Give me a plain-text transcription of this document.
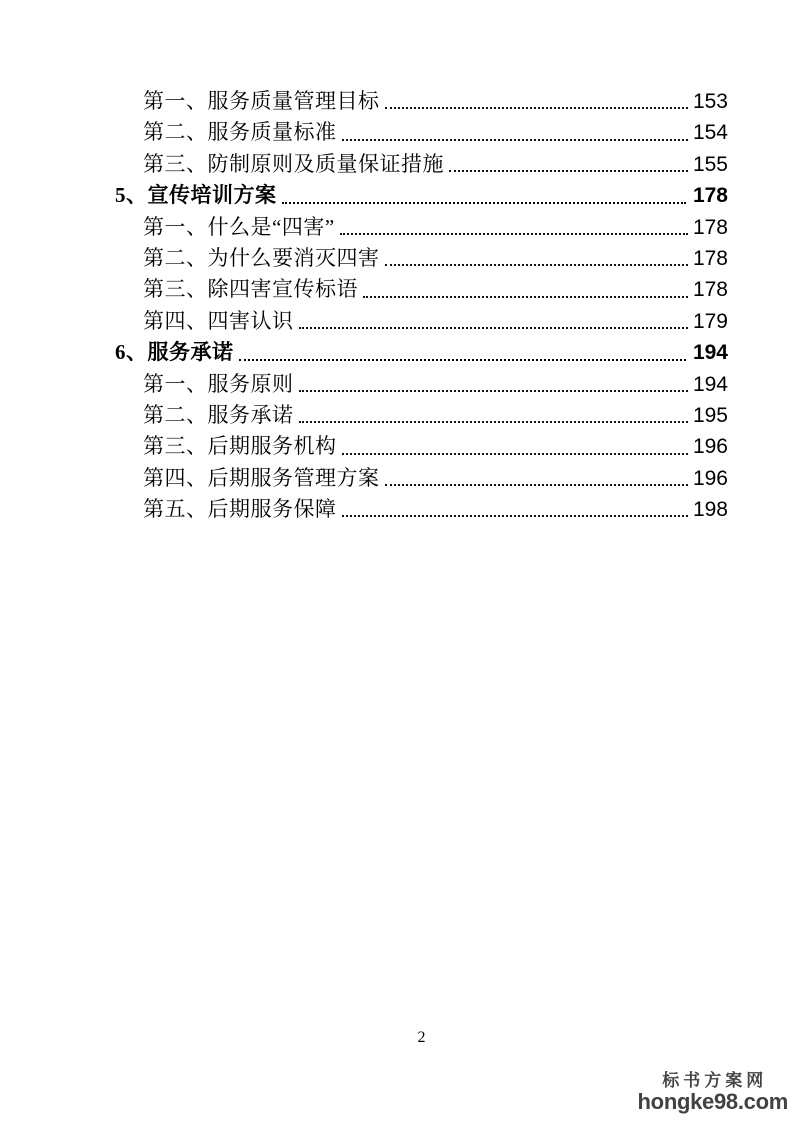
第一、服务质量管理目标	153
第二、服务质量标准	154
第三、防制原则及质量保证措施	155
5、宣传培训方案	178
第一、什么是“四害”	178
第二、为什么要消灭四害	178
第三、除四害宣传标语	178
第四、四害认识	179
6、服务承诺	194
第一、服务原则	194
第二、服务承诺	195
第三、后期服务机构	196
第四、后期服务管理方案	196
第五、后期服务保障	198
2
标书方案网
hongke98.com
